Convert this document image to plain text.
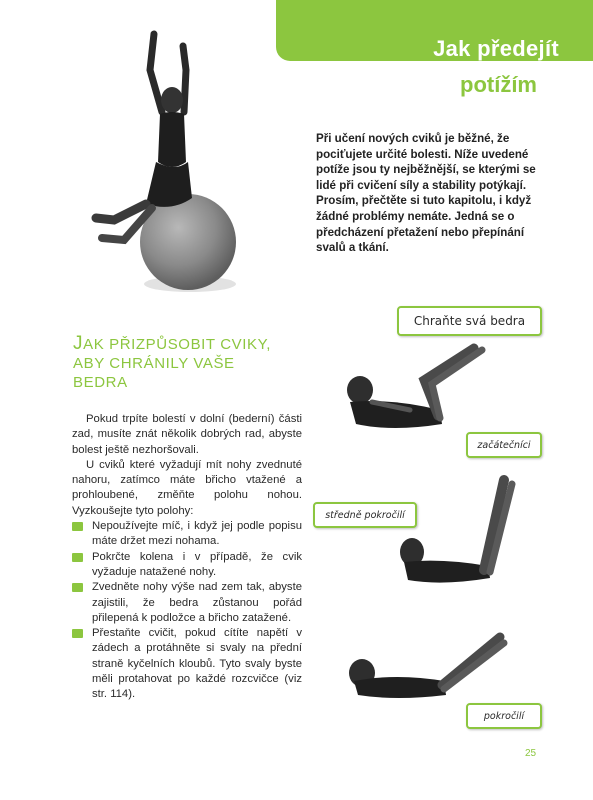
Jak předejít
potížím
Při učení nových cviků je běžné, že pociťujete určité bolesti. Níže uvedené potíže jsou ty nejběžnější, se kterými se lidé při cvičení síly a stability potýkají. Prosím, přečtěte si tuto kapitolu, i když žádné problémy nemáte. Jedná se o předcházení přetažení nebo přepínání svalů a tkání.
Chraňte svá bedra
JAK PŘIZPŮSOBIT CVIKY,
ABY CHRÁNILY VAŠE
BEDRA
začátečníci
středně pokročilí
pokročilí

Pokud trpíte bolestí v dolní (bederní) části zad, musíte znát několik dobrých rad, abyste bolest ještě nezhoršovali.

U cviků které vyžadují mít nohy zvednuté nahoru, zatímco máte břicho vtažené a prohloubené, změňte polohu nohou. Vyzkoušejte tyto polohy:

Nepoužívejte míč, i když jej podle popisu máte držet mezi nohama.
Pokrčte kolena i v případě, že cvik vyžaduje natažené nohy.
Zvedněte nohy výše nad zem tak, abyste zajistili, že bedra zůstanou pořád přilepená k podložce a břicho zatažené.
Přestaňte cvičit, pokud cítíte napětí v zádech a protáhněte si svaly na přední straně kyčelních kloubů. Tyto svaly byste měli protahovat po každé rozcvičce (viz str. 114).
25
